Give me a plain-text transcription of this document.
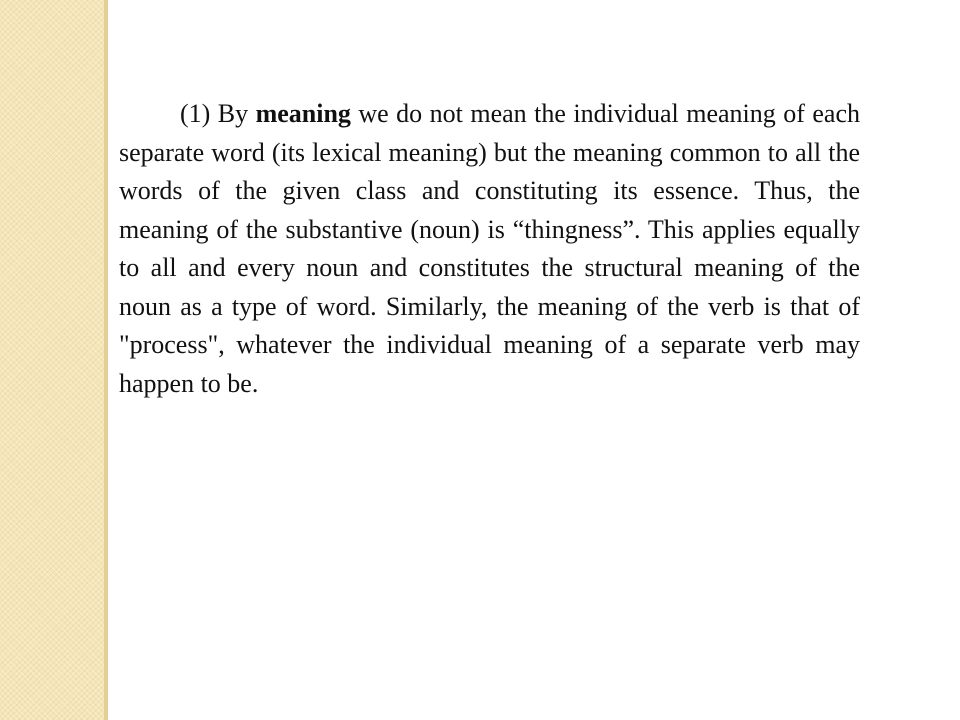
(1) By meaning we do not mean the individual meaning of each separate word (its lexical meaning) but the meaning common to all the words of the given class and constituting its essence. Thus, the meaning of the substantive (noun) is “thingness”. This applies equally to all and every noun and constitutes the structural meaning of the noun as a type of word. Similarly, the meaning of the verb is that of "process", whatever the individual meaning of a separate verb may happen to be.
